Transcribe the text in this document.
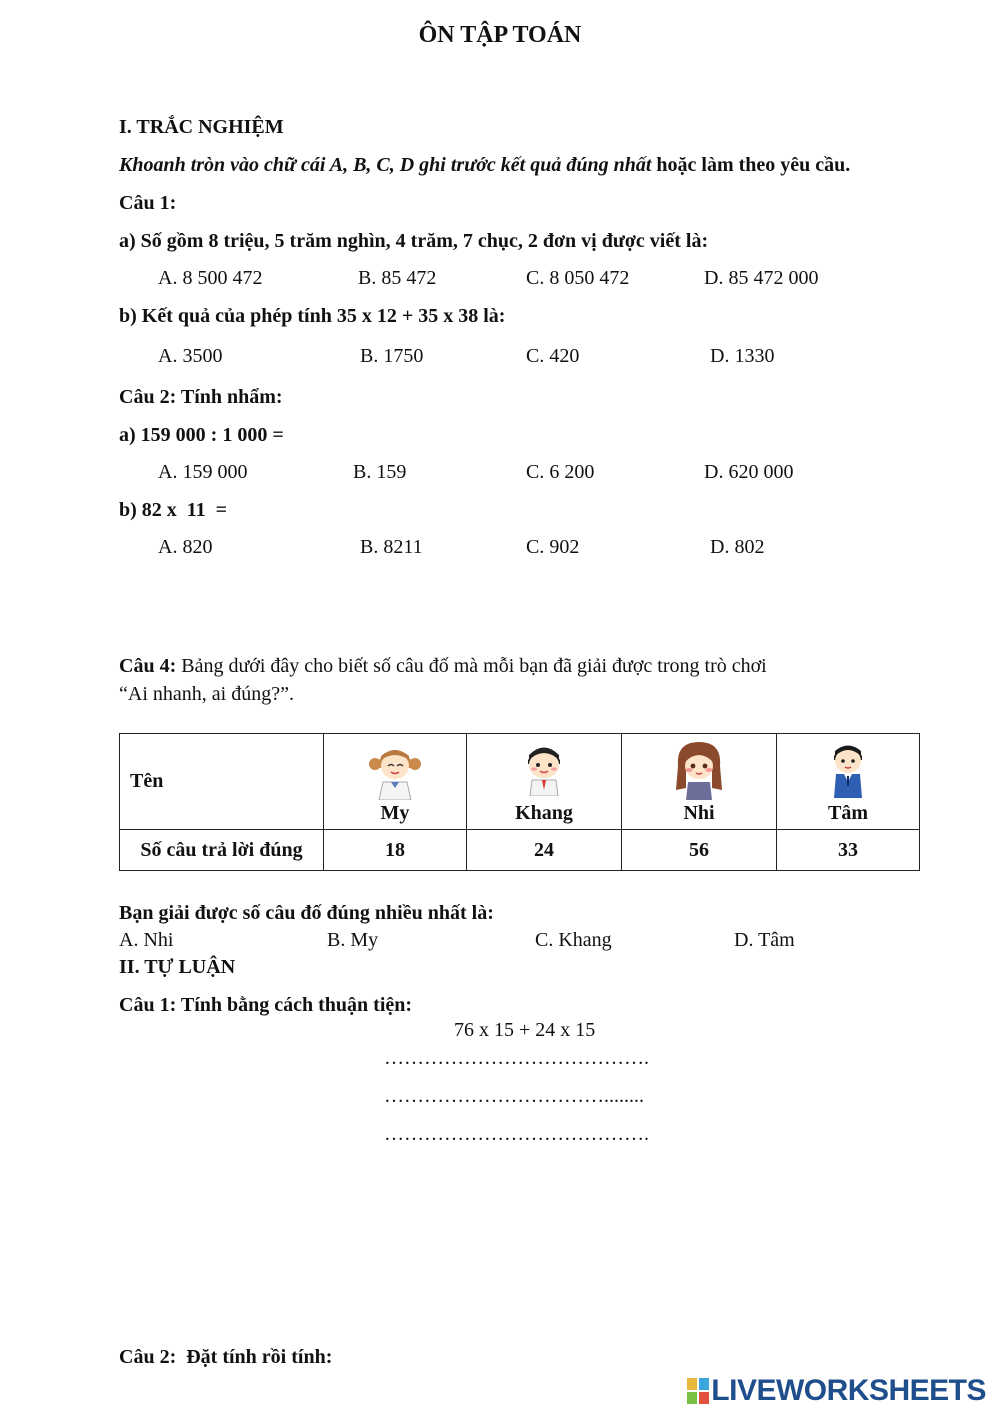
ÔN TẬP TOÁN
I. TRẮC NGHIỆM
Khoanh tròn vào chữ cái A, B, C, D ghi trước kết quả đúng nhất hoặc làm theo yêu cầu.
Câu 1:
a) Số gồm 8 triệu, 5 trăm nghìn, 4 trăm, 7 chục, 2 đơn vị được viết là:
A. 8 500 472	B. 85 472	C. 8 050 472	D. 85 472 000
b) Kết quả của phép tính 35 x 12 + 35 x 38 là:
A. 3500	B. 1750	C. 420	D. 1330
Câu 2: Tính nhẩm:
a) 159 000 : 1 000 =
A. 159 000	B. 159	C. 6 200	D. 620 000
b) 82 x  11  =
A. 820	B. 8211	C. 902	D. 802
Câu 4: Bảng dưới đây cho biết số câu đố mà mỗi bạn đã giải được trong trò chơi
“Ai nhanh, ai đúng?”.
Tên	My	Khang	Nhi	Tâm

Số câu trả lời đúng	18	24	56	33
Bạn giải được số câu đố đúng nhiều nhất là:
A. Nhi	B. My	C. Khang	D. Tâm
II. TỰ LUẬN
Câu 1: Tính bằng cách thuận tiện:
76 x 15 + 24 x 15
………………………………….
……………………………........
………………………………….
Câu 2:  Đặt tính rồi tính:
LIVEWORKSHEETS
